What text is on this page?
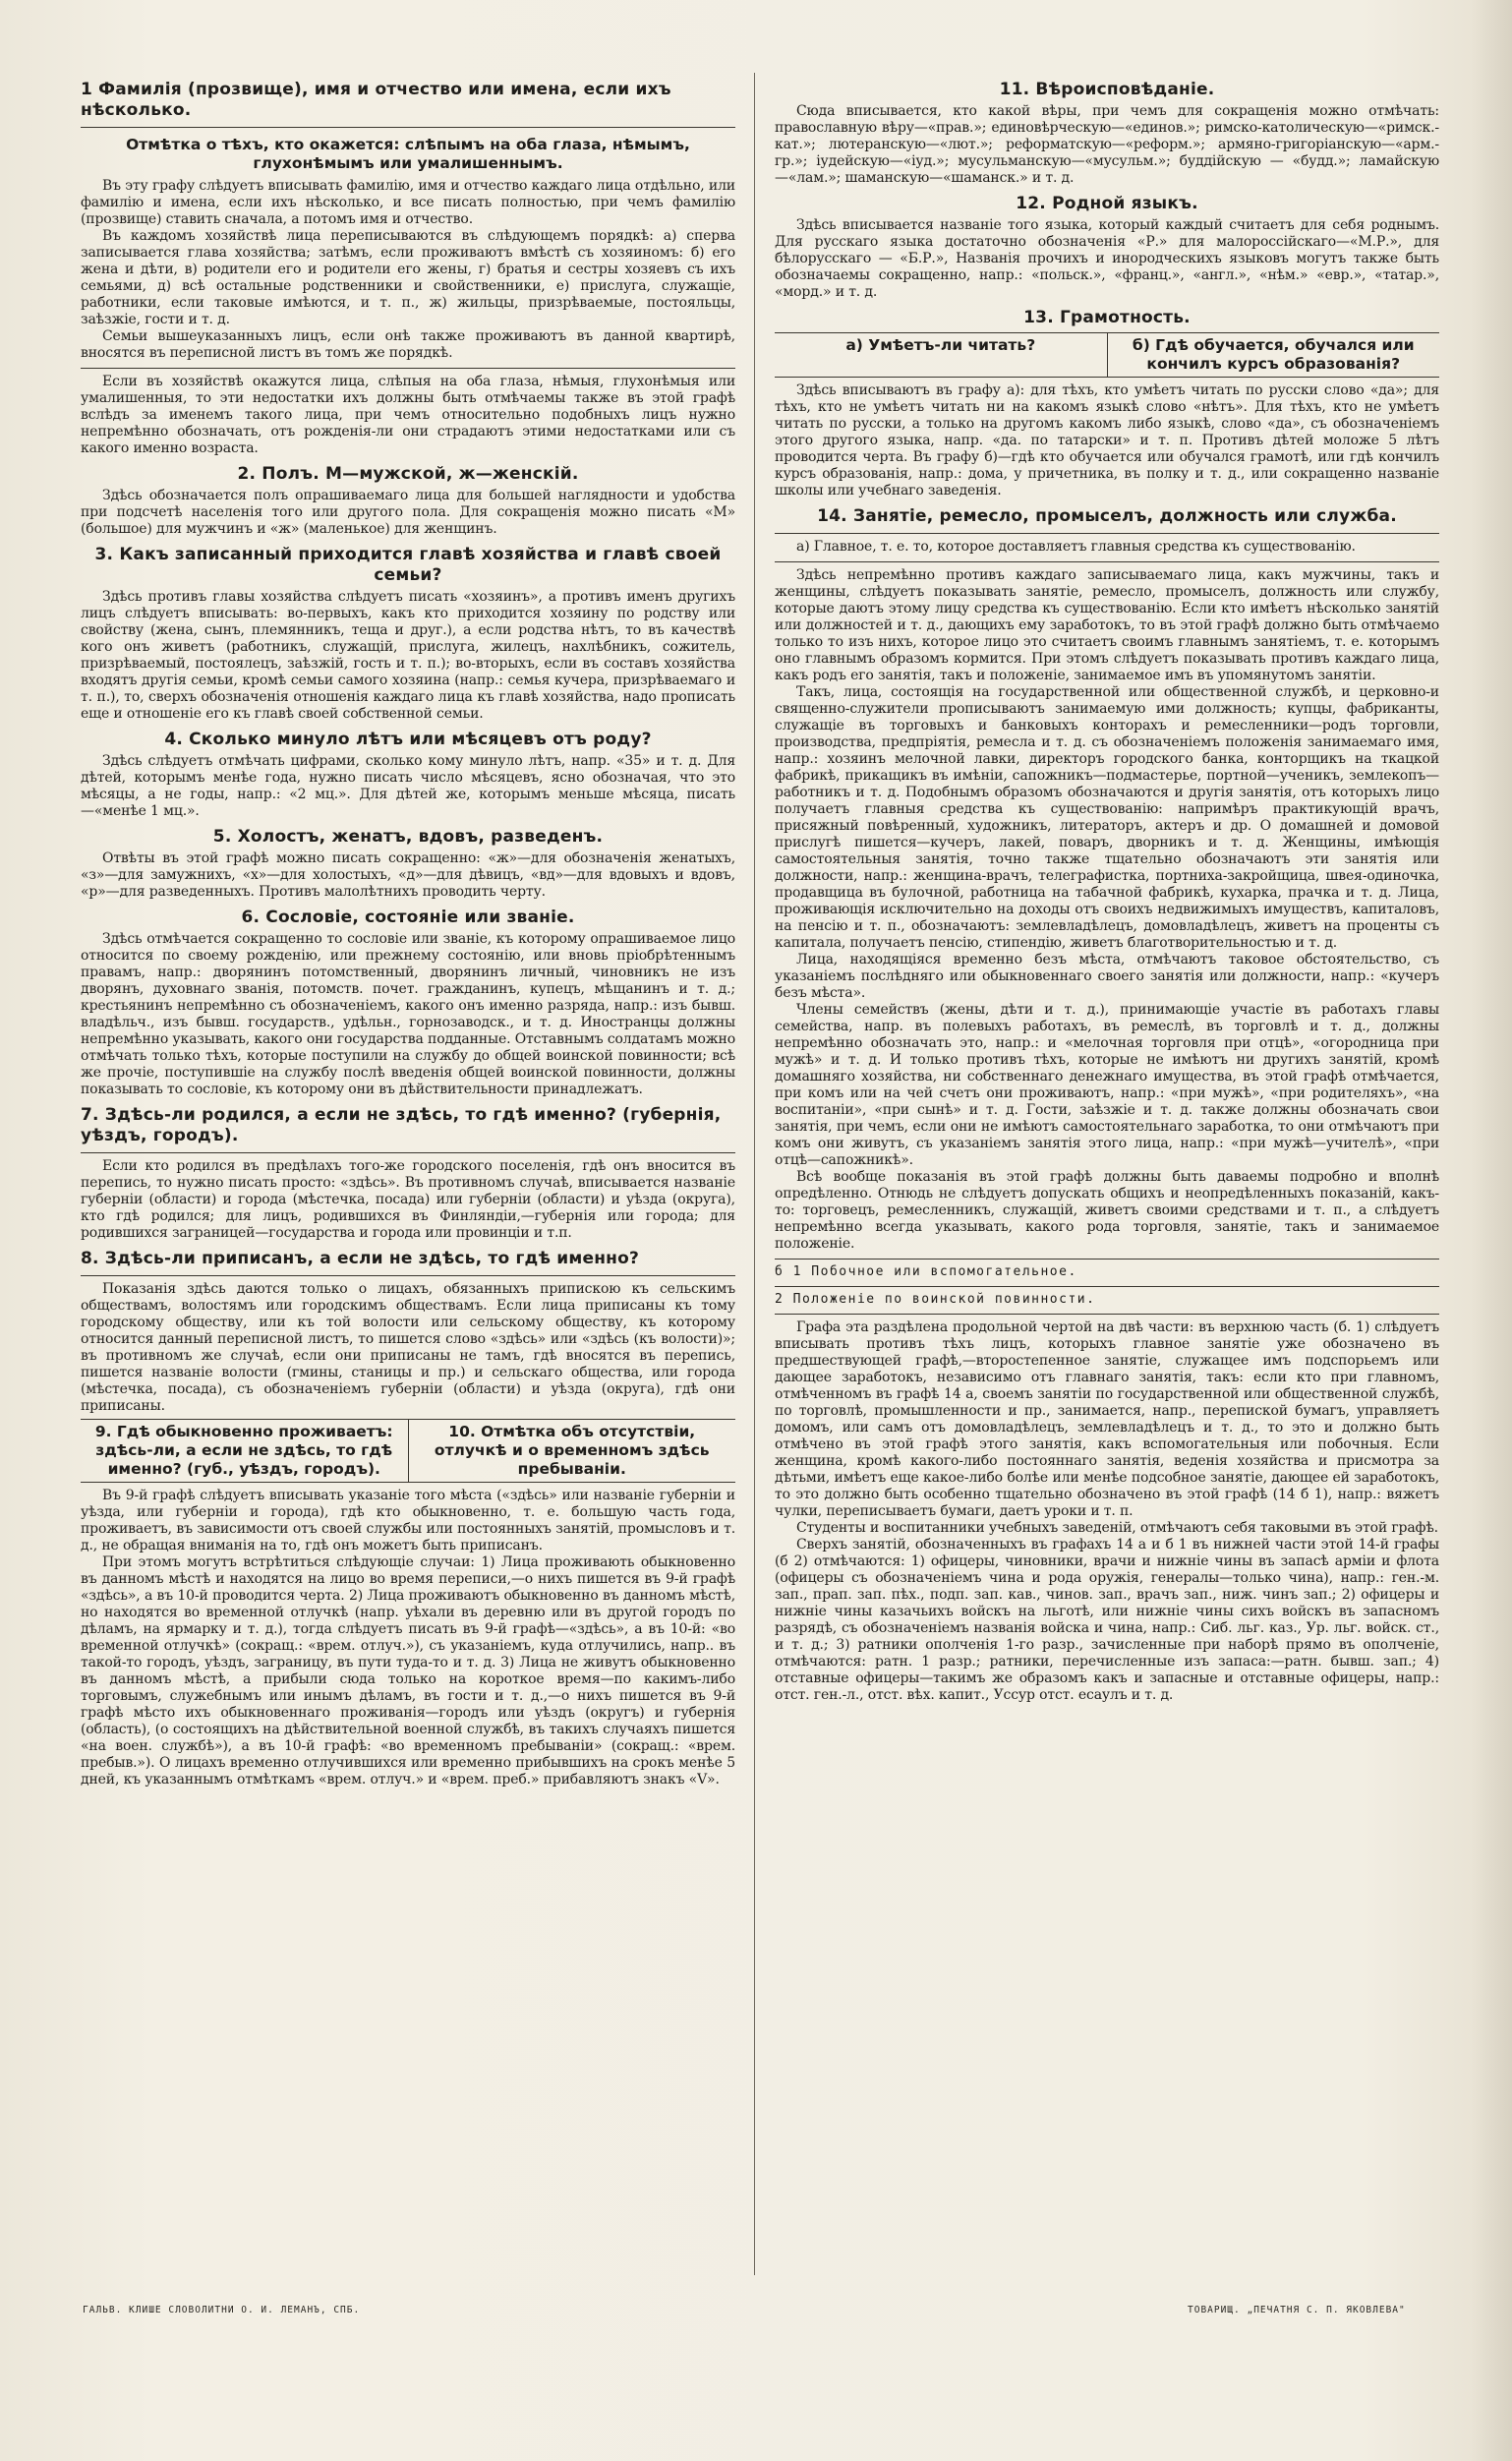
1 Фамилія (прозвище), имя и отчество или имена, если ихъ нѣсколько.
Отмѣтка о тѣхъ, кто окажется: слѣпымъ на оба глаза, нѣмымъ, глухонѣмымъ или умалишеннымъ.

Въ эту графу слѣдуетъ вписывать фамилію, имя и отчество каждаго лица отдѣльно, или фамилію и имена, если ихъ нѣсколько, и все писать полностью, при чемъ фамилію (прозвище) ставить сначала, а потомъ имя и отчество.

Въ каждомъ хозяйствѣ лица переписываются въ слѣдующемъ порядкѣ: а) сперва записывается глава хозяйства; затѣмъ, если проживаютъ вмѣстѣ съ хозяиномъ: б) его жена и дѣти, в) родители его и родители его жены, г) братья и сестры хозяевъ съ ихъ семьями, д) всѣ остальные родственники и свойственники, е) прислуга, служащіе, работники, если таковые имѣются, и т. п., ж) жильцы, призрѣваемые, постояльцы, заѣзжіе, гости и т. д.

Семьи вышеуказанныхъ лицъ, если онѣ также проживаютъ въ данной квартирѣ, вносятся въ переписной листъ въ томъ же порядкѣ.

Если въ хозяйствѣ окажутся лица, слѣпыя на оба глаза, нѣмыя, глухонѣмыя или умалишенныя, то эти недостатки ихъ должны быть отмѣчаемы также въ этой графѣ вслѣдъ за именемъ такого лица, при чемъ относительно подобныхъ лицъ нужно непремѣнно обозначать, отъ рожденія-ли они страдаютъ этими недостатками или съ какого именно возраста.

2. Полъ. М—мужской, ж—женскій.

Здѣсь обозначается полъ опрашиваемаго лица для большей наглядности и удобства при подсчетѣ населенія того или другого пола. Для сокращенія можно писать «М» (большое) для мужчинъ и «ж» (маленькое) для женщинъ.

3. Какъ записанный приходится главѣ хозяйства и главѣ своей семьи?

Здѣсь противъ главы хозяйства слѣдуетъ писать «хозяинъ», а противъ именъ другихъ лицъ слѣдуетъ вписывать: во-первыхъ, какъ кто приходится хозяину по родству или свойству (жена, сынъ, племянникъ, теща и друг.), а если родства нѣтъ, то въ качествѣ кого онъ живетъ (работникъ, служащій, прислуга, жилецъ, нахлѣбникъ, сожитель, призрѣваемый, постоялецъ, заѣзжій, гость и т. п.); во-вторыхъ, если въ составъ хозяйства входятъ другія семьи, кромѣ семьи самого хозяина (напр.: семья кучера, призрѣваемаго и т. п.), то, сверхъ обозначенія отношенія каждаго лица къ главѣ хозяйства, надо прописать еще и отношеніе его къ главѣ своей собственной семьи.

4. Сколько минуло лѣтъ или мѣсяцевъ отъ роду?

Здѣсь слѣдуетъ отмѣчать цифрами, сколько кому минуло лѣтъ, напр. «35» и т. д. Для дѣтей, которымъ менѣе года, нужно писать число мѣсяцевъ, ясно обозначая, что это мѣсяцы, а не годы, напр.: «2 мц.». Для дѣтей же, которымъ меньше мѣсяца, писать—«менѣе 1 мц.».

5. Холостъ, женатъ, вдовъ, разведенъ.

Отвѣты въ этой графѣ можно писать сокращенно: «ж»—для обозначенія женатыхъ, «з»—для замужнихъ, «х»—для холостыхъ, «д»—для дѣвицъ, «вд»—для вдовыхъ и вдовъ, «р»—для разведенныхъ. Противъ малолѣтнихъ проводить черту.

6. Сословіе, состояніе или званіе.

Здѣсь отмѣчается сокращенно то сословіе или званіе, къ которому опрашиваемое лицо относится по своему рожденію, или прежнему состоянію, или вновь пріобрѣтеннымъ правамъ, напр.: дворянинъ потомственный, дворянинъ личный, чиновникъ не изъ дворянъ, духовнаго званія, потомств. почет. гражданинъ, купецъ, мѣщанинъ и т. д.; крестьянинъ непремѣнно съ обозначеніемъ, какого онъ именно разряда, напр.: изъ бывш. владѣльч., изъ бывш. государств., удѣльн., горнозаводск., и т. д. Иностранцы должны непремѣнно указывать, какого они государства подданные. Отставнымъ солдатамъ можно отмѣчать только тѣхъ, которые поступили на службу до общей воинской повинности; всѣ же прочіе, поступившіе на службу послѣ введенія общей воинской повинности, должны показывать то сословіе, къ которому они въ дѣйствительности принадлежатъ.

7. Здѣсь-ли родился, а если не здѣсь, то гдѣ именно? (губернія, уѣздъ, городъ).

Если кто родился въ предѣлахъ того-же городского поселенія, гдѣ онъ вносится въ перепись, то нужно писать просто: «здѣсь». Въ противномъ случаѣ, вписывается названіе губерніи (области) и города (мѣстечка, посада) или губерніи (области) и уѣзда (округа), кто гдѣ родился; для лицъ, родившихся въ Финляндіи,—губернія или города; для родившихся заграницей—государства и города или провинціи и т.п.

8. Здѣсь-ли приписанъ, а если не здѣсь, то гдѣ именно?

Показанія здѣсь даются только о лицахъ, обязанныхъ припискою къ сельскимъ обществамъ, волостямъ или городскимъ обществамъ. Если лица приписаны къ тому городскому обществу, или къ той волости или сельскому обществу, къ которому относится данный переписной листъ, то пишется слово «здѣсь» или «здѣсь (къ волости)»; въ противномъ же случаѣ, если они приписаны не тамъ, гдѣ вносятся въ перепись, пишется названіе волости (гмины, станицы и пр.) и сельскаго общества, или города (мѣстечка, посада), съ обозначеніемъ губерніи (области) и уѣзда (округа), гдѣ они приписаны.

9. Гдѣ обыкновенно проживаетъ: здѣсь-ли, а если не здѣсь, то гдѣ именно? (губ., уѣздъ, городъ).
10. Отмѣтка объ отсутствіи, отлучкѣ и о временномъ здѣсь пребываніи.

Въ 9-й графѣ слѣдуетъ вписывать указаніе того мѣста («здѣсь» или названіе губерніи и уѣзда, или губерніи и города), гдѣ кто обыкновенно, т. е. большую часть года, проживаетъ, въ зависимости отъ своей службы или постоянныхъ занятій, промысловъ и т. д., не обращая вниманія на то, гдѣ онъ можетъ быть приписанъ.

При этомъ могутъ встрѣтиться слѣдующіе случаи: 1) Лица проживають обыкновенно въ данномъ мѣстѣ и находятся на лицо во время переписи,—о нихъ пишется въ 9-й графѣ «здѣсь», а въ 10-й проводится черта. 2) Лица проживаютъ обыкновенно въ данномъ мѣстѣ, но находятся во временной отлучкѣ (напр. уѣхали въ деревню или въ другой городъ по дѣламъ, на ярмарку и т. д.), тогда слѣдуетъ писать въ 9-й графѣ—«здѣсь», а въ 10-й: «во временной отлучкѣ» (сокращ.: «врем. отлуч.»), съ указаніемъ, куда отлучились, напр.. въ такой-то городъ, уѣздъ, заграницу, въ пути туда-то и т. д. 3) Лица не живутъ обыкновенно въ данномъ мѣстѣ, а прибыли сюда только на короткое время—по какимъ-либо торговымъ, служебнымъ или инымъ дѣламъ, въ гости и т. д.,—о нихъ пишется въ 9-й графѣ мѣсто ихъ обыкновеннаго проживанія—городъ или уѣздъ (округъ) и губернія (область), (о состоящихъ на дѣйствительной военной службѣ, въ такихъ случаяхъ пишется «на воен. службѣ»), а въ 10-й графѣ: «во временномъ пребываніи» (сокращ.: «врем. пребыв.»). О лицахъ временно отлучившихся или временно прибывшихъ на срокъ менѣе 5 дней, къ указаннымъ отмѣткамъ «врем. отлуч.» и «врем. преб.» прибавляютъ знакъ «V».

11. Вѣроисповѣданіе.

Сюда вписывается, кто какой вѣры, при чемъ для сокращенія можно отмѣчать: православную вѣру—«прав.»; единовѣрческую—«единов.»; римско-католическую—«римск.-кат.»; лютеранскую—«лют.»; реформатскую—«реформ.»; армяно-григоріанскую—«арм.-гр.»; іудейскую—«іуд.»; мусульманскую—«мусульм.»; буддійскую — «будд.»; ламайскую—«лам.»; шаманскую—«шаманск.» и т. д.

12. Родной языкъ.

Здѣсь вписывается названіе того языка, который каждый считаетъ для себя роднымъ. Для русскаго языка достаточно обозначенія «Р.» для малороссійскаго—«М.Р.», для бѣлорусскаго — «Б.Р.», Названія прочихъ и инородческихъ языковъ могутъ также быть обозначаемы сокращенно, напр.: «польск.», «франц.», «англ.», «нѣм.» «евр.», «татар.», «морд.» и т. д.

13. Грамотность.
а) Умѣетъ-ли читать?	б) Гдѣ обучается, обучался или кончилъ курсъ образованія?

Здѣсь вписываютъ въ графу а): для тѣхъ, кто умѣетъ читать по русски слово «да»; для тѣхъ, кто не умѣетъ читать ни на какомъ языкѣ слово «нѣтъ». Для тѣхъ, кто не умѣетъ читать по русски, а только на другомъ какомъ либо языкѣ, слово «да», съ обозначеніемъ этого другого языка, напр. «да. по татарски» и т. п. Противъ дѣтей моложе 5 лѣтъ проводится черта. Въ графу б)—гдѣ кто обучается или обучался грамотѣ, или гдѣ кончилъ курсъ образованія, напр.: дома, у причетника, въ полку и т. д., или сокращенно названіе школы или учебнаго заведенія.

14. Занятіе, ремесло, промыселъ, должность или служба.

а) Главное, т. е. то, которое доставляетъ главныя средства къ существованію.

Здѣсь непремѣнно противъ каждаго записываемаго лица, какъ мужчины, такъ и женщины, слѣдуетъ показывать занятіе, ремесло, промыселъ, должность или службу, которые даютъ этому лицу средства къ существованію. Если кто имѣетъ нѣсколько занятій или должностей и т. д., дающихъ ему заработокъ, то въ этой графѣ должно быть отмѣчаемо только то изъ нихъ, которое лицо это считаетъ своимъ главнымъ занятіемъ, т. е. которымъ оно главнымъ образомъ кормится. При этомъ слѣдуетъ показывать противъ каждаго лица, какъ родъ его занятія, такъ и положеніе, занимаемое имъ въ упомянутомъ занятіи.

Такъ, лица, состоящія на государственной или общественной службѣ, и церковно-и священно-служители прописываютъ занимаемую ими должность; купцы, фабриканты, служащіе въ торговыхъ и банковыхъ конторахъ и ремесленники—родъ торговли, производства, предпріятія, ремесла и т. д. съ обозначеніемъ положенія занимаемаго имя, напр.: хозяинъ мелочной лавки, директоръ городского банка, конторщикъ на ткацкой фабрикѣ, прикащикъ въ имѣніи, сапожникъ—подмастерье, портной—ученикъ, землекопъ—работникъ и т. д. Подобнымъ образомъ обозначаются и другія занятія, отъ которыхъ лицо получаетъ главныя средства къ существованію: напримѣръ практикующій врачъ, присяжный повѣренный, художникъ, литераторъ, актеръ и др. О домашней и домовой прислугѣ пишется—кучеръ, лакей, поваръ, дворникъ и т. д. Женщины, имѣющія самостоятельныя занятія, точно также тщательно обозначаютъ эти занятія или должности, напр.: женщина-врачъ, телеграфистка, портниха-закройщица, швея-одиночка, продавщица въ булочной, работница на табачной фабрикѣ, кухарка, прачка и т. д. Лица, проживающія исключительно на доходы отъ своихъ недвижимыхъ имуществъ, капиталовъ, на пенсію и т. п., обозначаютъ: землевладѣлецъ, домовладѣлецъ, живетъ на проценты съ капитала, получаетъ пенсію, стипендію, живетъ благотворительностью и т. д.

Лица, находящіяся временно безъ мѣста, отмѣчаютъ таковое обстоятельство, съ указаніемъ послѣдняго или обыкновеннаго своего занятія или должности, напр.: «кучеръ безъ мѣста».

Члены семействъ (жены, дѣти и т. д.), принимающіе участіе въ работахъ главы семейства, напр. въ полевыхъ работахъ, въ ремеслѣ, въ торговлѣ и т. д., должны непремѣнно обозначать это, напр.: и «мелочная торговля при отцѣ», «огородница при мужѣ» и т. д. И только противъ тѣхъ, которые не имѣютъ ни другихъ занятій, кромѣ домашняго хозяйства, ни собственнаго денежнаго имущества, въ этой графѣ отмѣчается, при комъ или на чей счетъ они проживаютъ, напр.: «при мужѣ», «при родителяхъ», «на воспитаніи», «при сынѣ» и т. д. Гости, заѣзжіе и т. д. также должны обозначать свои занятія, при чемъ, если они не имѣютъ самостоятельнаго заработка, то они отмѣчаютъ при комъ они живутъ, съ указаніемъ занятія этого лица, напр.: «при мужѣ—учителѣ», «при отцѣ—сапожникѣ».

Всѣ вообще показанія въ этой графѣ должны быть даваемы подробно и вполнѣ опредѣленно. Отнюдь не слѣдуетъ допускать общихъ и неопредѣленныхъ показаній, какъ-то: торговецъ, ремесленникъ, служащій, живетъ своими средствами и т. п., а слѣдуетъ непремѣнно всегда указывать, какого рода торговля, занятіе, такъ и занимаемое положеніе.

б 1 Побочное или вспомогательное.

2 Положеніе по воинской повинности.

Графа эта раздѣлена продольной чертой на двѣ части: въ верхнюю часть (б. 1) слѣдуетъ вписывать противъ тѣхъ лицъ, которыхъ главное занятіе уже обозначено въ предшествующей графѣ,—второстепенное занятіе, служащее имъ подспорьемъ или дающее заработокъ, независимо отъ главнаго занятія, такъ: если кто при главномъ, отмѣченномъ въ графѣ 14 а, своемъ занятіи по государственной или общественной службѣ, по торговлѣ, промышленности и пр., занимается, напр., перепиской бумагъ, управляетъ домомъ, или самъ отъ домовладѣлецъ, землевладѣлецъ и т. д., то это и должно быть отмѣчено въ этой графѣ этого занятія, какъ вспомогательныя или побочныя. Если женщина, кромѣ какого-либо постояннаго занятія, веденія хозяйства и присмотра за дѣтьми, имѣетъ еще какое-либо болѣе или менѣе подсобное занятіе, дающее ей заработокъ, то это должно быть особенно тщательно обозначено въ этой графѣ (14 б 1), напр.: вяжетъ чулки, переписываетъ бумаги, даетъ уроки и т. п.

Студенты и воспитанники учебныхъ заведеній, отмѣчаютъ себя таковыми въ этой графѣ.

Сверхъ занятій, обозначенныхъ въ графахъ 14 а и б 1 въ нижней части этой 14-й графы (б 2) отмѣчаются: 1) офицеры, чиновники, врачи и нижніе чины въ запасѣ арміи и флота (офицеры съ обозначеніемъ чина и рода оружія, генералы—только чина), напр.: ген.-м. зап., прап. зап. пѣх., подп. зап. кав., чинов. зап., врачъ зап., ниж. чинъ зап.; 2) офицеры и нижніе чины казачьихъ войскъ на льготѣ, или нижніе чины сихъ войскъ въ запасномъ разрядѣ, съ обозначеніемъ названія войска и чина, напр.: Сиб. льг. каз., Ур. льг. войск. ст., и т. д.; 3) ратники ополченія 1-го разр., зачисленные при наборѣ прямо въ ополченіе, отмѣчаются: ратн. 1 разр.; ратники, перечисленные изъ запаса:—ратн. бывш. зап.; 4) отставные офицеры—такимъ же образомъ какъ и запасные и отставные офицеры, напр.: отст. ген.-л., отст. вѣх. капит., Уссур отст. есаулъ и т. д.

ГАЛЬВ. КЛИШЕ СЛОВОЛИТНИ О. И. ЛЕМАНЪ, СПБ.	ТОВАРИЩ. „ПЕЧАТНЯ С. П. ЯКОВЛЕВА"
